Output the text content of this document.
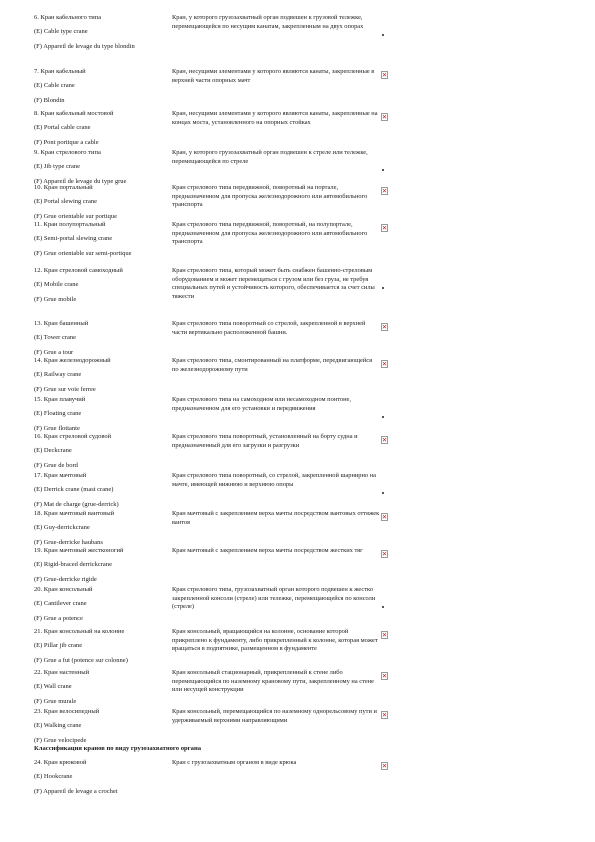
6. Кран кабельного типа
(E) Cable type crane
(F) Appareil de levage du type blondin
Кран, у которого грузозахватный орган подвешен к грузовой тележке, перемещающейся по несущим канатам, закрепленным на двух опорах
7. Кран кабельный
(E) Cable crane
(F) Blondin
Кран, несущими элементами у которого являются канаты, закрепленные в верхней части опорных мачт
✕
8. Кран кабельный мостовой
(E) Portal cable crane
(F) Pont portique a cable
Кран, несущими элементами у которого являются канаты, закрепленные на концах моста, установленного на опорных стойках
✕
9. Кран стрелового типа
(E) Jib type crane
(F) Appareil de levage du type grue
Кран, у которого грузозахватный орган подвешен к стреле или тележке, перемещающейся по стреле
10. Кран портальный
(E) Portal slewing crane
(F) Grue orientable sur portique
Кран стрелового типа передвижной, поворотный на портале, предназначенном для пропуска железнодорожного или автомобильного транспорта
✕
11. Кран полупортальный
(E) Semi-portal slewing crane
(F) Grue orientable sur semi-portique
Кран стрелового типа передвижной, поворотный, на полупортале, предназначенном для пропуска железнодорожного или автомобильного транспорта
✕
12. Кран стреловой самоходный
(E) Mobile crane
(F) Grue mobile
Кран стрелового типа, который может быть снабжен башенно-стреловым оборудованием и может перемещаться с грузом или без груза, не требуя специальных путей и устойчивость которого, обеспечивается за счет силы тяжести
13. Кран башенный
(E) Tower crane
(F) Grue a tour
Кран стрелового типа поворотный со стрелой, закрепленной в верхней части вертикально расположенной башни.
✕
14. Кран железнодорожный
(E) Railway crane
(F) Grue sur voie ferree
Кран стрелового типа, смонтированный на платформе, передвигающейся по железнодорожному пути
✕
15. Кран плавучий
(E) Floating crane
(F) Grue flottante
Кран стрелового типа на самоходном или несамоходном понтоне, предназначенном для его установки и передвижения
16. Кран стреловой судовой
(E) Deckcrane
(F) Grue de bord
Кран стрелового типа поворотный, установленный на борту судна и предназначенный для его загрузки и разгрузки
✕
17. Кран мачтовый
(E) Derrick crane (mast crane)
(F) Mat de charge (grue-derrick)
Кран стрелового типа поворотный, со стрелой, закрепленной шарнирно на мачте, имеющей нижнюю и верхнюю опоры
18. Кран мачтовый вантовый
(E) Guy-derrickcrane
(F) Grue-derricke haubans
Кран мачтовый с закреплением верха мачты посредством вантовых оттяжек вантов
✕
19. Кран мачтовый жестконогий
(E) Rigid-braced derrickcrane
(F) Grue-derricke rigide
Кран мачтовый с закреплением верха мачты посредством жестких тяг	✕
20. Кран консольный
(E) Cantilever crane
(F) Grue a potence
Кран стрелового типа, грузозахватный орган которого подвешен к жестко закрепленной консоли (стреле) или тележке, перемещающейся по консоли (стреле)
21. Кран консольный на колонне
(E) Pillar jib crane
(F) Grue a fut (potence sur colonne)
Кран консольный, вращающийся на колонне, основание которой прикреплено к фундаменту, либо прикрепленный к колонне, которая может вращаться в подпятнике, размещенном в фундаменте
✕
22. Кран настенный
(E) Wall crane
(F) Grue murale
Кран консольный стационарный, прикрепленный к стене либо перемещающийся по наземному крановому пути, закрепленному на стене или несущей конструкции
✕
23. Кран велосипедный
(E) Walking crane
(F) Grue velocipede
Кран консольный, перемещающийся по наземному однорельсовому пути и удерживаемый верхними направляющими
✕
Классификация кранов по виду грузозахватного органа
24. Кран крюковой
(E) Hookcrane
(F) Appareil de levage a crochet
Кран с грузозахватным органом в виде крюка	✕
